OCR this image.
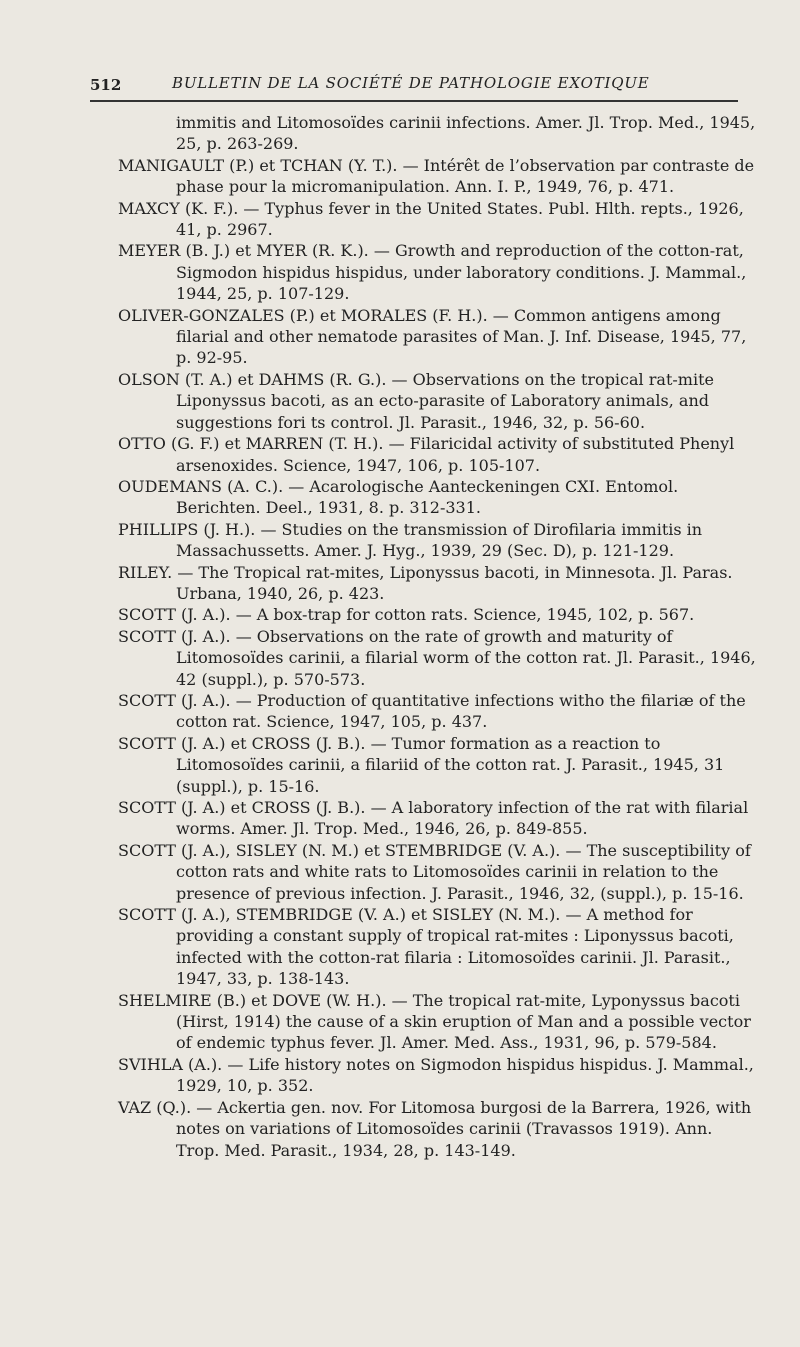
512	BULLETIN DE LA SOCIÉTÉ DE PATHOLOGIE EXOTIQUE

immitis and Litomosoïdes carinii infections. Amer. Jl. Trop. Med., 1945, 25, p. 263-269.

MANIGAULT (P.) et TCHAN (Y. T.). — Intérêt de l’observation par contraste de phase pour la micromanipulation. Ann. I. P., 1949, 76, p. 471.

MAXCY (K. F.). — Typhus fever in the United States. Publ. Hlth. repts., 1926, 41, p. 2967.

MEYER (B. J.) et MYER (R. K.). — Growth and reproduction of the cotton-rat, Sigmodon hispidus hispidus, under laboratory conditions. J. Mammal., 1944, 25, p. 107-129.

OLIVER-GONZALES (P.) et MORALES (F. H.). — Common antigens among filarial and other nematode parasites of Man. J. Inf. Disease, 1945, 77, p. 92-95.

OLSON (T. A.) et DAHMS (R. G.). — Observations on the tropical rat-mite Liponyssus bacoti, as an ecto-parasite of Laboratory animals, and suggestions fori ts control. Jl. Parasit., 1946, 32, p. 56-60.

OTTO (G. F.) et MARREN (T. H.). — Filaricidal activity of substituted Phenyl arsenoxides. Science, 1947, 106, p. 105-107.

OUDEMANS (A. C.). — Acarologische Aanteckeningen CXI. Entomol. Berichten. Deel., 1931, 8. p. 312-331.

PHILLIPS (J. H.). — Studies on the transmission of Dirofilaria immitis in Massachussetts. Amer. J. Hyg., 1939, 29 (Sec. D), p. 121-129.

RILEY. — The Tropical rat-mites, Liponyssus bacoti, in Minnesota. Jl. Paras. Urbana, 1940, 26, p. 423.

SCOTT (J. A.). — A box-trap for cotton rats. Science, 1945, 102, p. 567.

SCOTT (J. A.). — Observations on the rate of growth and maturity of Litomosoïdes carinii, a filarial worm of the cotton rat. Jl. Parasit., 1946, 42 (suppl.), p. 570-573.

SCOTT (J. A.). — Production of quantitative infections witho the filariæ of the cotton rat. Science, 1947, 105, p. 437.

SCOTT (J. A.) et CROSS (J. B.). — Tumor formation as a reaction to Litomosoïdes carinii, a filariid of the cotton rat. J. Parasit., 1945, 31 (suppl.), p. 15-16.

SCOTT (J. A.) et CROSS (J. B.). — A laboratory infection of the rat with filarial worms. Amer. Jl. Trop. Med., 1946, 26, p. 849-855.

SCOTT (J. A.), SISLEY (N. M.) et STEMBRIDGE (V. A.). — The susceptibility of cotton rats and white rats to Litomosoïdes carinii in relation to the presence of previous infection. J. Parasit., 1946, 32, (suppl.), p. 15-16.

SCOTT (J. A.), STEMBRIDGE (V. A.) et SISLEY (N. M.). — A method for providing a constant supply of tropical rat-mites : Liponyssus bacoti, infected with the cotton-rat filaria : Litomosoïdes carinii. Jl. Parasit., 1947, 33, p. 138-143.

SHELMIRE (B.) et DOVE (W. H.). — The tropical rat-mite, Lyponyssus bacoti (Hirst, 1914) the cause of a skin eruption of Man and a possible vector of endemic typhus fever. Jl. Amer. Med. Ass., 1931, 96, p. 579-584.

SVIHLA (A.). — Life history notes on Sigmodon hispidus hispidus. J. Mammal., 1929, 10, p. 352.

VAZ (Q.). — Ackertia gen. nov. For Litomosa burgosi de la Barrera, 1926, with notes on variations of Litomosoïdes carinii (Travassos 1919). Ann. Trop. Med. Parasit., 1934, 28, p. 143-149.
